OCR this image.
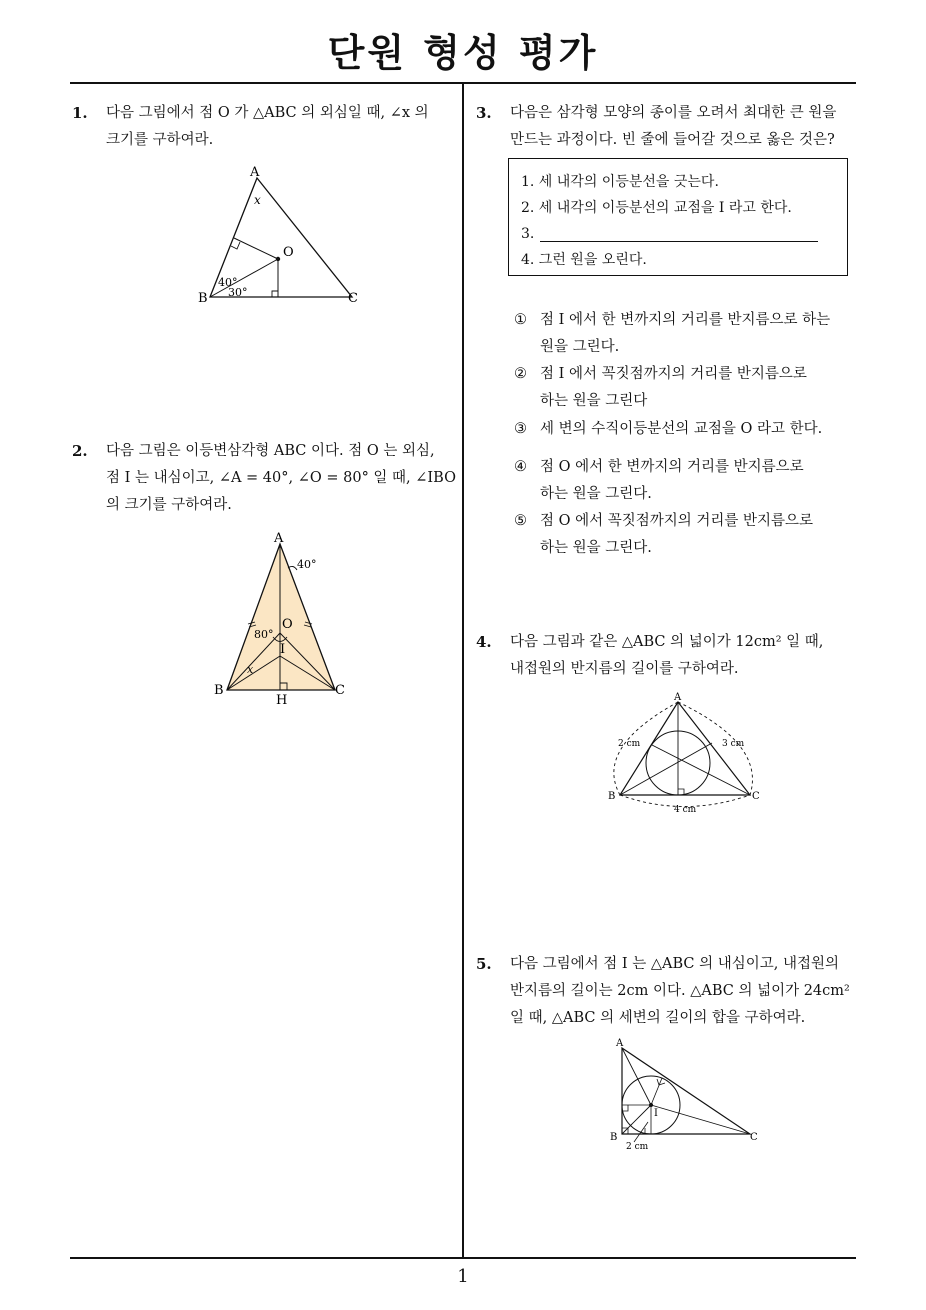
단원 형성 평가
1. 다음 그림에서 점 O 가 △ABC 의 외심일 때, ∠x 의
크기를 구하여라.
A
B	C
O
x
40°
30°
2. 다음 그림은 이등변삼각형 ABC 이다. 점 O 는 외심,
점 I 는 내심이고, ∠A = 40°, ∠O = 80° 일 때, ∠IBO
의 크기를 구하여라.
A
B	C
O
I
H
x
40°
80°
3. 다음은 삼각형 모양의 종이를 오려서 최대한 큰 원을
만드는 과정이다. 빈 줄에 들어갈 것으로 옳은 것은?
1. 세 내각의 이등분선을 긋는다.
2. 세 내각의 이등분선의 교점을 I 라고 한다.
3.
4. 그런 원을 오린다.
① 점 I 에서 한 변까지의 거리를 반지름으로 하는
원을 그린다.
② 점 I 에서 꼭짓점까지의 거리를 반지름으로
하는 원을 그린다
③ 세 변의 수직이등분선의 교점을 O 라고 한다.
④ 점 O 에서 한 변까지의 거리를 반지름으로
하는 원을 그린다.
⑤ 점 O 에서 꼭짓점까지의 거리를 반지름으로
하는 원을 그린다.
4. 다음 그림과 같은 △ABC 의 넓이가 12cm² 일 때,
내접원의 반지름의 길이를 구하여라.
A
B	C
2 cm	3 cm
4 cm
5. 다음 그림에서 점 I 는 △ABC 의 내심이고, 내접원의
반지름의 길이는 2cm 이다. △ABC 의 넓이가 24cm²
일 때, △ABC 의 세변의 길이의 합을 구하여라.
A
B	C
I
2 cm
1
